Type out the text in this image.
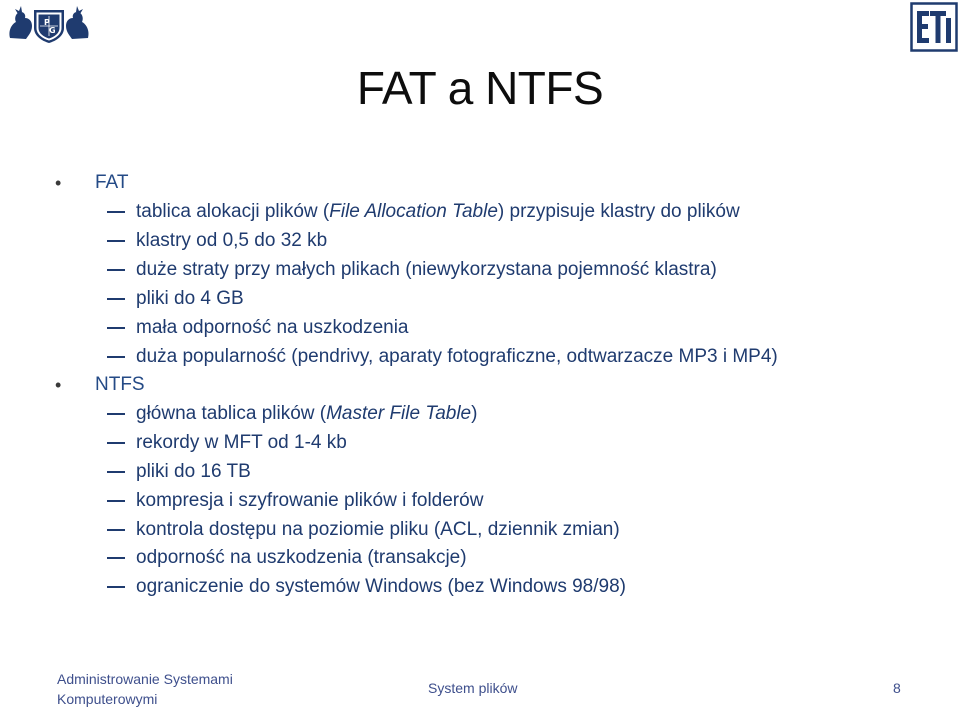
P
G
FAT a NTFS
• FAT
tablica alokacji plików (File Allocation Table) przypisuje klastry do plików
klastry od 0,5 do 32 kb
duże straty przy małych plikach (niewykorzystana pojemność klastra)
pliki do 4 GB
mała odporność na uszkodzenia
duża popularność (pendrivy, aparaty fotograficzne, odtwarzacze MP3 i MP4)
• NTFS
główna tablica plików (Master File Table)
rekordy w MFT od 1-4 kb
pliki do 16 TB
kompresja i szyfrowanie plików i folderów
kontrola dostępu na poziomie pliku (ACL, dziennik zmian)
odporność na uszkodzenia (transakcje)
ograniczenie do systemów Windows (bez Windows 98/98)
Administrowanie Systemami
Komputerowymi
System plików	8
